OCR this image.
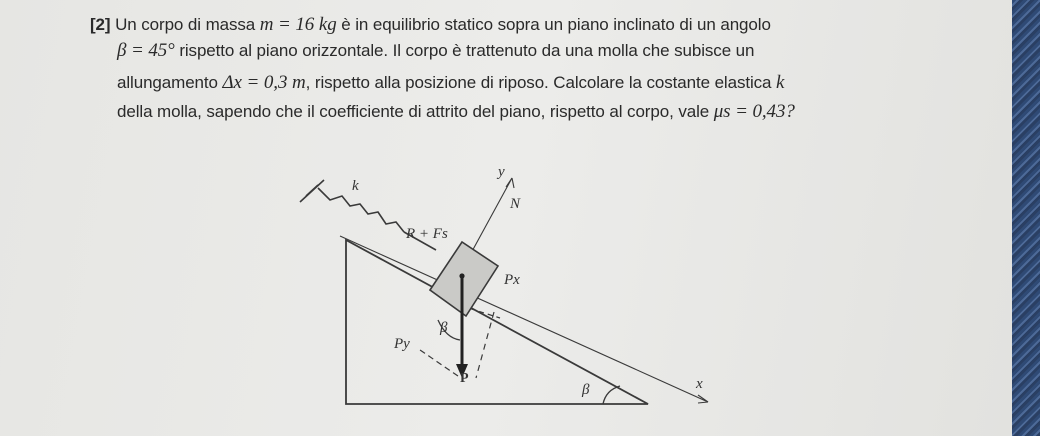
[2] Un corpo di massa m = 16 kg è in equilibrio statico sopra un piano inclinato di un angolo
β = 45° rispetto al piano orizzontale. Il corpo è trattenuto da una molla che subisce un
allungamento Δx = 0,3 m, rispetto alla posizione di riposo. Calcolare la costante elastica k
della molla, sapendo che il coefficiente di attrito del piano, rispetto al corpo, vale μs = 0,43?
k
y
N
R + Fs
Px
β
Py
P
β	x
